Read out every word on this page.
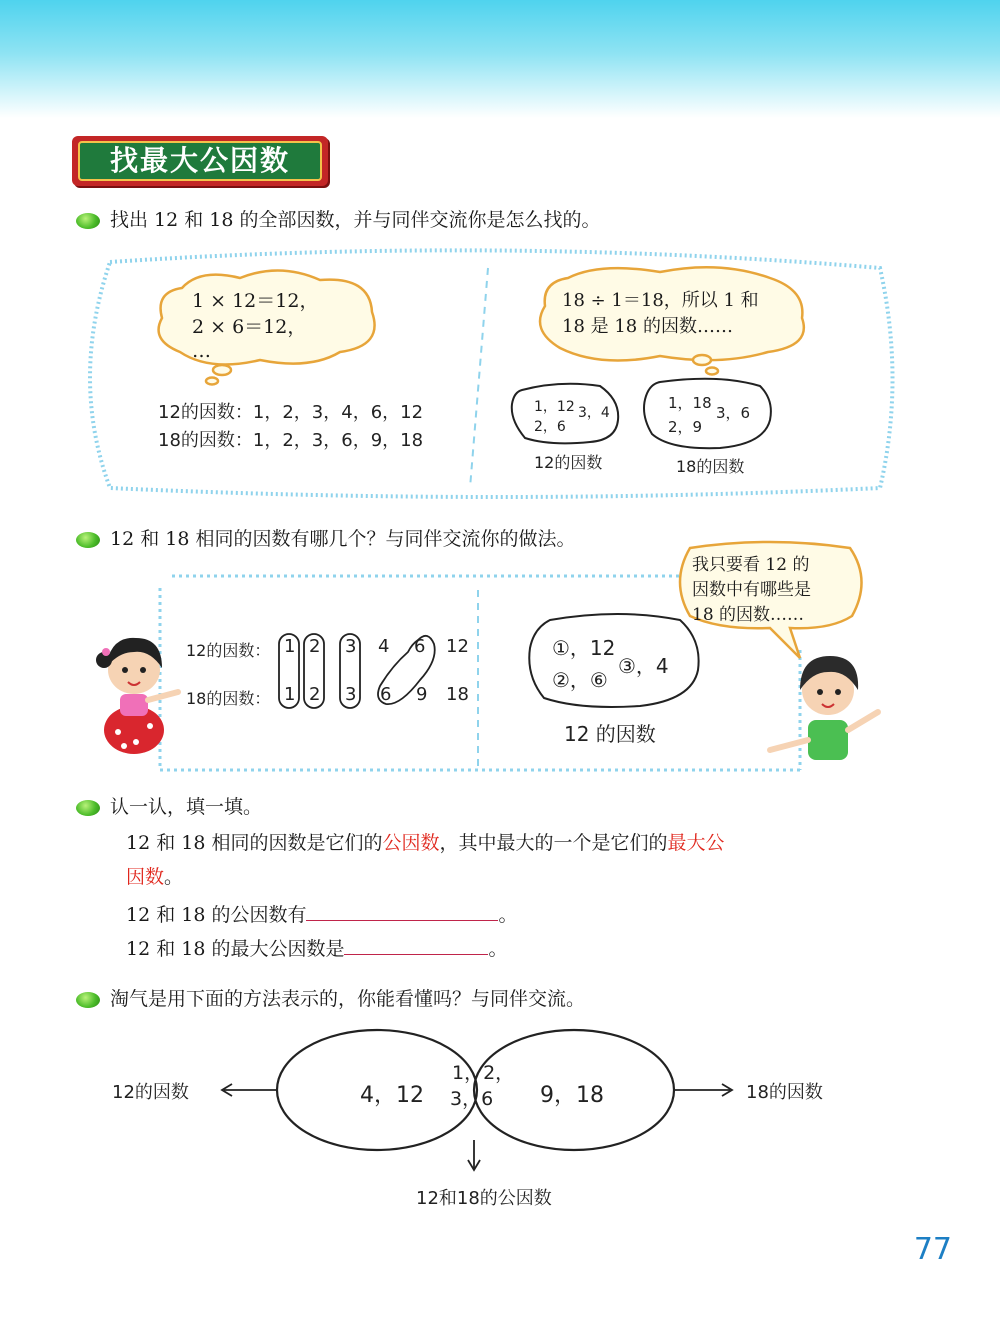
找最大公因数
找出 12 和 18 的全部因数，并与同伴交流你是怎么找的。
1 × 12＝12，
2 × 6＝12，
…
18 ÷ 1＝18，所以 1 和
18 是 18 的因数……
12的因数：1，2，3，4，6，12
18的因数：1，2，3，6，9，18
1，12 3，4
2，6
12的因数
1，18
3，6
2，9
18的因数
12 和 18 相同的因数有哪几个？与同伴交流你的做法。
12的因数： 1 2 3 4 6 12
18的因数： 1 2 3 6 9 18
①，12
②，⑥
③，4
12 的因数
我只要看 12 的
因数中有哪些是
18 的因数……
认一认，填一填。
12 和 18 相同的因数是它们的公因数，其中最大的一个是它们的最大公
因数。
12 和 18 的公因数有	。
12 和 18 的最大公因数是	。
淘气是用下面的方法表示的，你能看懂吗？与同伴交流。
4，12
1，2，
3，6 9，18
12的因数	18的因数
12和18的公因数
77
